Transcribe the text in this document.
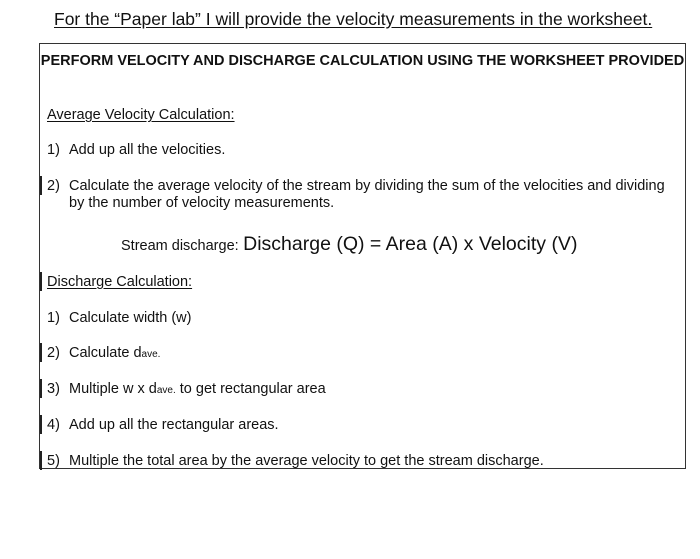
For the “Paper lab” I will provide the velocity measurements in the worksheet.
PERFORM VELOCITY AND DISCHARGE CALCULATION USING THE WORKSHEET PROVIDED
Average Velocity Calculation:
1) Add up all the velocities.
2) Calculate the average velocity of the stream by dividing the sum of the velocities and dividing by the number of velocity measurements.
Stream discharge: Discharge (Q) = Area (A) x Velocity (V)
Discharge Calculation:
1) Calculate width (w)
2) Calculate dave.
3) Multiple w x dave. to get rectangular area
4) Add up all the rectangular areas.
5) Multiple the total area by the average velocity to get the stream discharge.
